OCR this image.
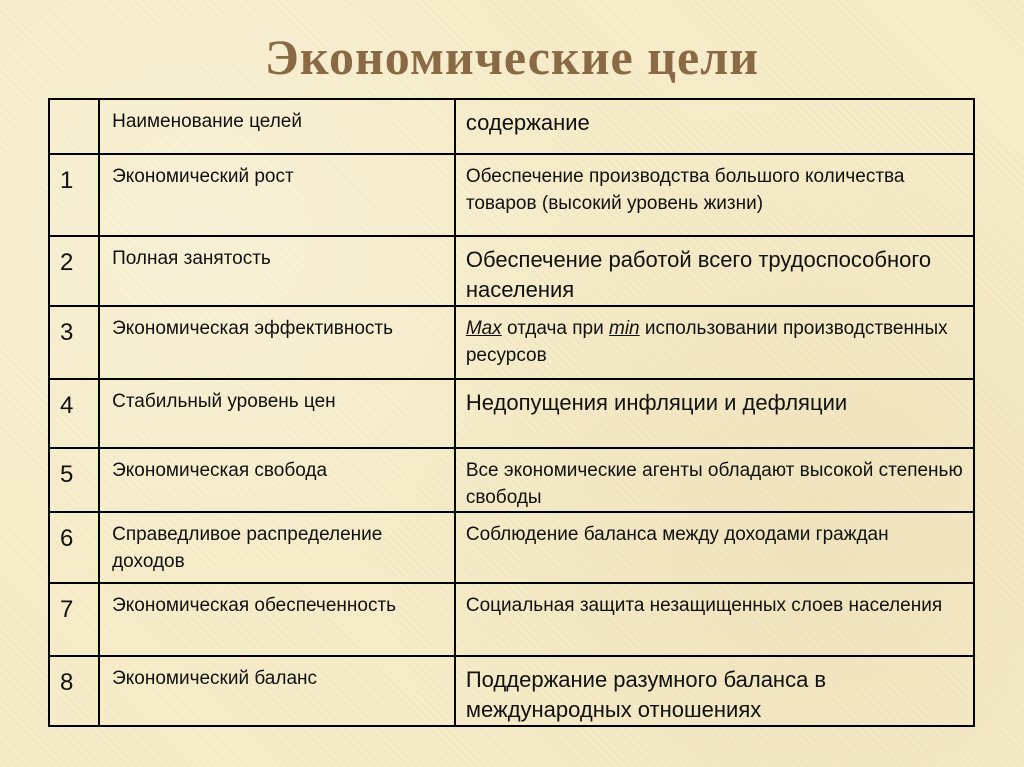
Экономические цели
	Наименование целей	содержание
1	Экономический рост	Обеспечение производства большого количества товаров (высокий уровень жизни)
2	Полная занятость	Обеспечение работой всего трудоспособного населения
3	Экономическая эффективность	Max отдача при min использовании производственных ресурсов
4	Стабильный уровень цен	Недопущения инфляции и дефляции
5	Экономическая свобода	Все экономические агенты обладают высокой степенью свободы
6	Справедливое распределение доходов	Соблюдение баланса между доходами граждан
7	Экономическая обеспеченность	Социальная защита незащищенных слоев населения
8	Экономический баланс	Поддержание разумного баланса в международных отношениях
